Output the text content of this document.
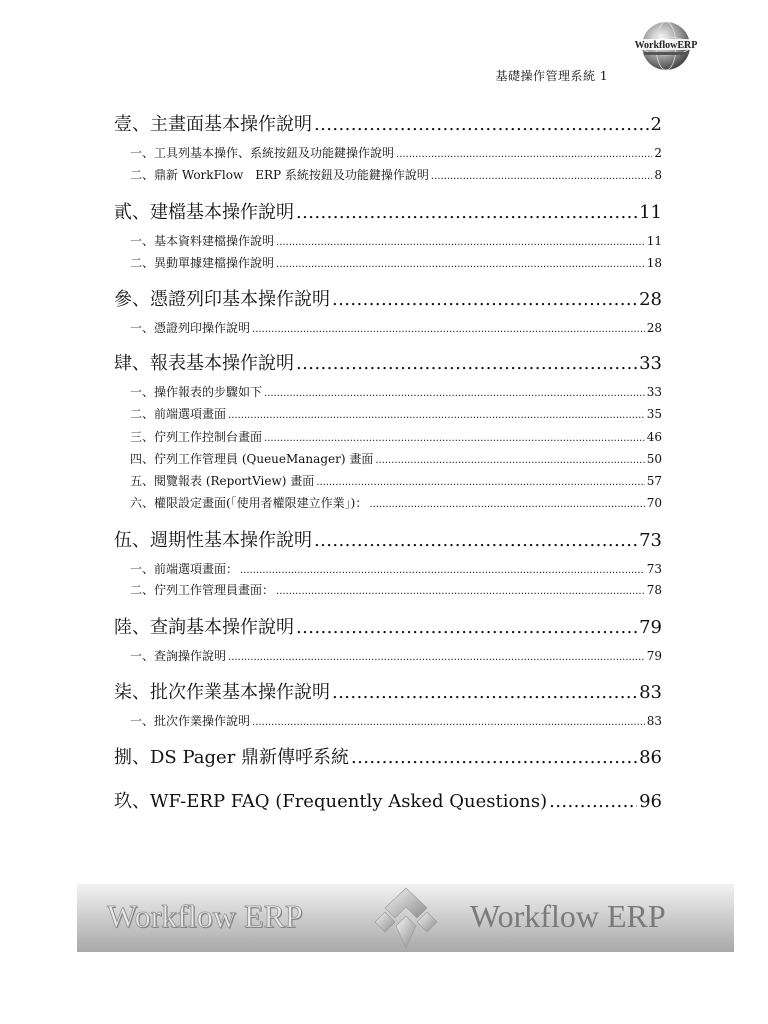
WorkflowERP
基礎操作管理系統 1
壹、主畫面基本操作說明 .....	2
一、工具列基本操作、系統按鈕及功能鍵操作說明 .....	2
二、鼎新 WorkFlow　ERP 系統按鈕及功能鍵操作說明 .....	8
貳、建檔基本操作說明 .....	11
一、基本資料建檔操作說明 .....	11
二、異動單據建檔操作說明 .....	18
參、憑證列印基本操作說明 .....	28
一、憑證列印操作說明 .....	28
肆、報表基本操作說明 .....	33
一、操作報表的步驟如下 .....	33
二、前端選項畫面 .....	35
三、佇列工作控制台畫面 .....	46
四、佇列工作管理員 (QueueManager) 畫面 .....	50
五、閱覽報表 (ReportView) 畫面 .....	57
六、權限設定畫面(「使用者權限建立作業」)： .....	70
伍、週期性基本操作說明 .....	73
一、前端選項畫面： .....	73
二、佇列工作管理員畫面： .....	78
陸、查詢基本操作說明 .....	79
一、查詢操作說明 .....	79
柒、批次作業基本操作說明 .....	83
一、批次作業操作說明 .....	83
捌、DS Pager 鼎新傳呼系統 .....	86
玖、WF-ERP FAQ (Frequently Asked Questions) .....	96
Workflow ERP	Workflow ERP
